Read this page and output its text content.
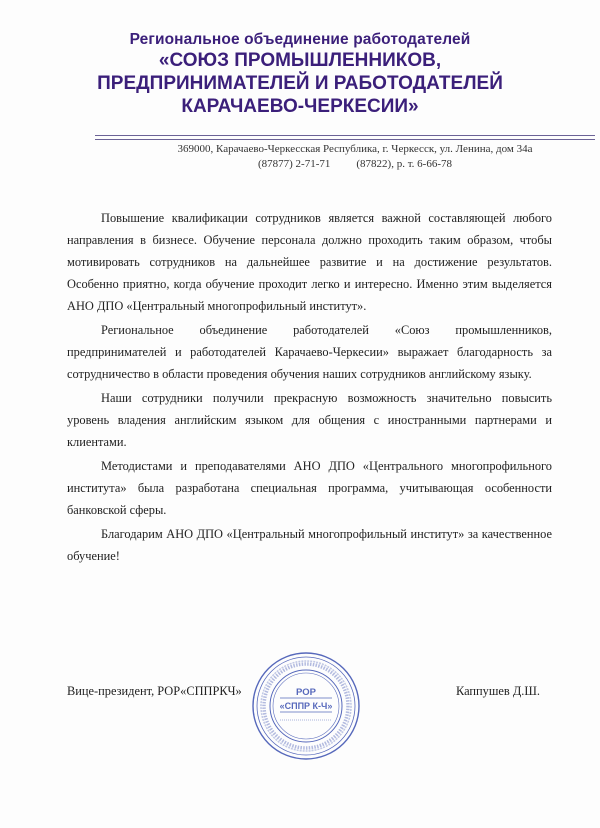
Региональное объединение работодателей
«СОЮЗ ПРОМЫШЛЕННИКОВ,
ПРЕДПРИНИМАТЕЛЕЙ И РАБОТОДАТЕЛЕЙ
КАРАЧАЕВО-ЧЕРКЕСИИ»
369000, Карачаево-Черкесская Республика, г. Черкесск, ул. Ленина, дом 34а
(87877) 2-71-71 (87822), р. т. 6-66-78

Повышение квалификации сотрудников является важной составляющей любого направления в бизнесе. Обучение персонала должно проходить таким образом, чтобы мотивировать сотрудников на дальнейшее развитие и на достижение результатов. Особенно приятно, когда обучение проходит легко и интересно. Именно этим выделяется АНО ДПО «Центральный многопрофильный институт».

Региональное объединение работодателей «Союз промышленников, предпринимателей и работодателей Карачаево-Черкесии» выражает благодарность за сотрудничество в области проведения обучения наших сотрудников английскому языку.

Наши сотрудники получили прекрасную возможность значительно повысить уровень владения английским языком для общения с иностранными партнерами и клиентами.

Методистами и преподавателями АНО ДПО «Центрального многопрофильного института» была разработана специальная программа, учитывающая особенности банковской сферы.

Благодарим АНО ДПО «Центральный многопрофильный институт» за качественное обучение!

РОР
«СППР К-Ч»
Вице-президент, РОР«СППРКЧ»	Каппушев Д.Ш.
